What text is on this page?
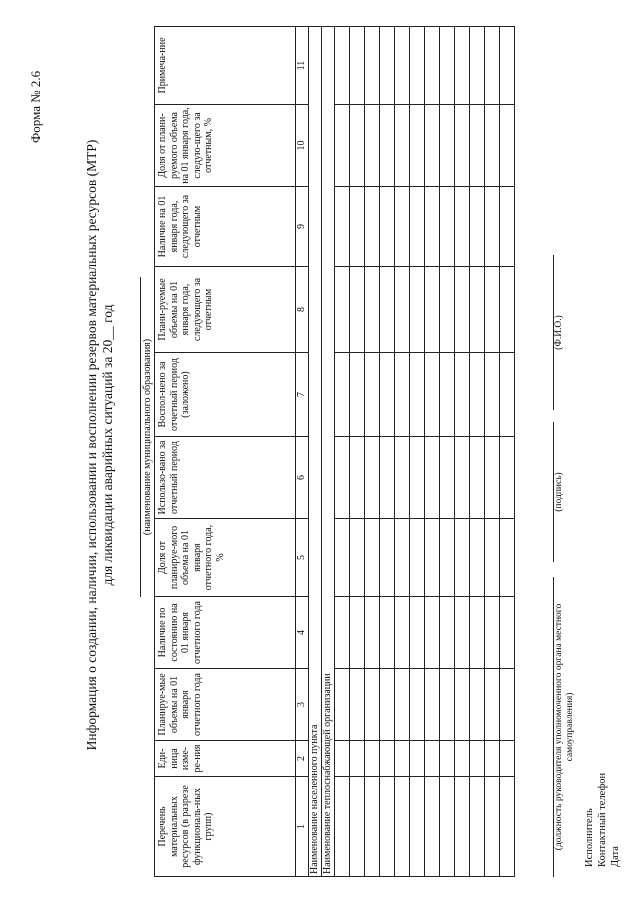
Форма № 2.6
Информация о создании, наличии, использовании и восполнении резервов материальных ресурсов (МТР) для ликвидации аварийных ситуаций за 20__ год	(наименование муниципального образования)
Перечень материальных ресурсов (в разрезе функциональ-ных групп)	Еди-ница изме-ре-ния	Планируе-мые объемы на 01 января отчетного года	Наличие по состоянию на 01 января отчетного года	Доля от планируе-мого объема на 01 января отчетного года, %	Использо-вано за отчетный период	Воспол-нено за отчетный период (заложено)	Плани-руемые объемы на 01 января года, следующего за отчетным	Наличие на 01 января года, следующего за отчетным	Доля от плани-руемого объема на 01 января года, следую-щего за отчетным, %	Примеча-ние
1	2	3	4	5	6	7	8	9	10	11
Наименование населенного пункта										
Наименование теплоснабжающей организации										

											(должность руководителя уполномоченного органа местного самоуправления)
(подпись)
(Ф.И.О.)
Исполнитель Контактный телефон Дата
